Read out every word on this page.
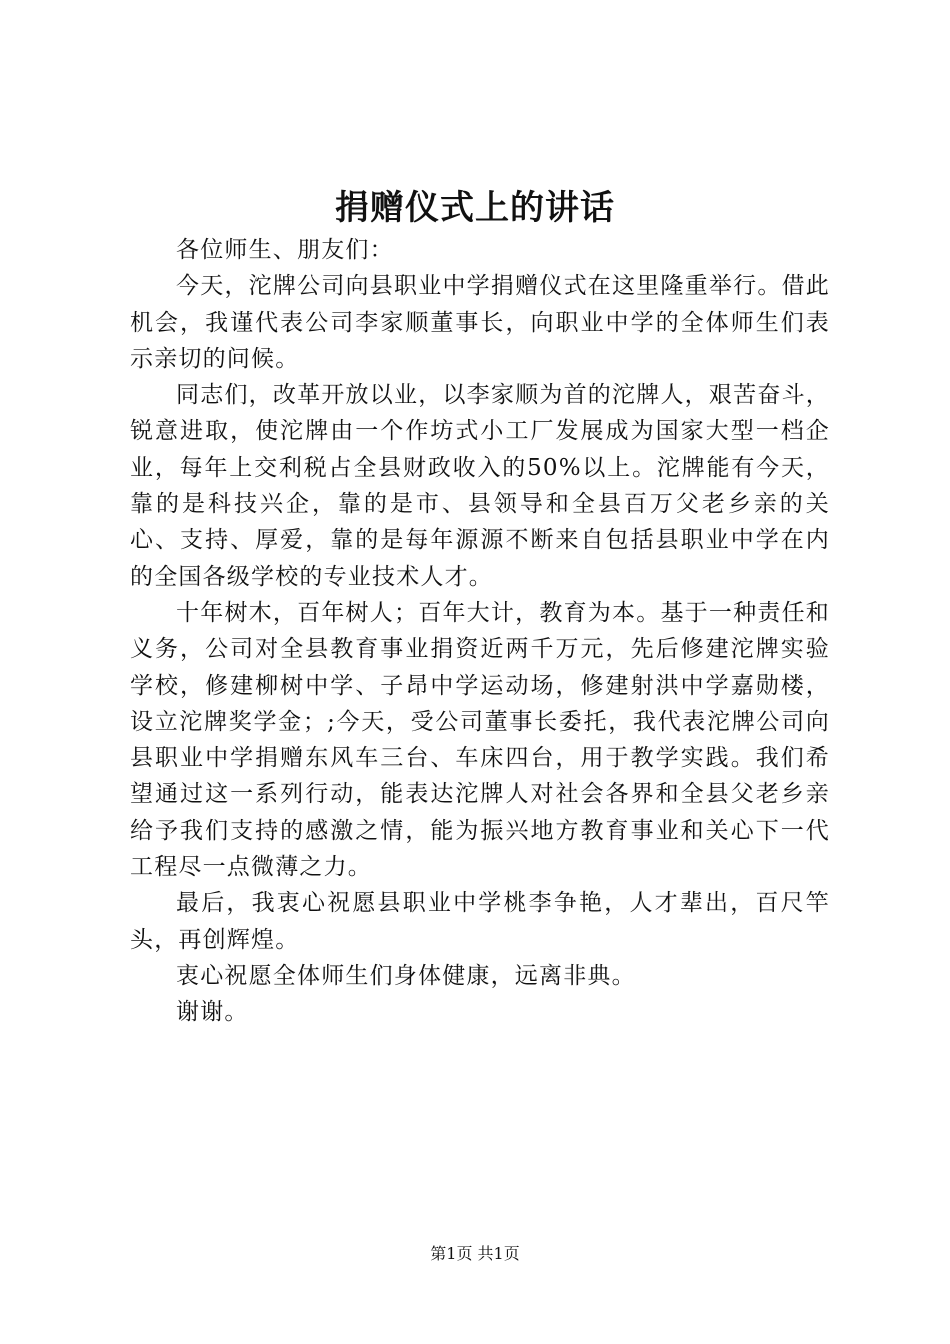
捐赠仪式上的讲话

各位师生、朋友们：

今天，沱牌公司向县职业中学捐赠仪式在这里隆重举行。借此机会，我谨代表公司李家顺董事长，向职业中学的全体师生们表示亲切的问候。

同志们，改革开放以业，以李家顺为首的沱牌人，艰苦奋斗，锐意进取，使沱牌由一个作坊式小工厂发展成为国家大型一档企业，每年上交利税占全县财政收入的50%以上。沱牌能有今天，靠的是科技兴企，靠的是市、县领导和全县百万父老乡亲的关心、支持、厚爱，靠的是每年源源不断来自包括县职业中学在内的全国各级学校的专业技术人才。

十年树木，百年树人；百年大计，教育为本。基于一种责任和义务，公司对全县教育事业捐资近两千万元，先后修建沱牌实验学校，修建柳树中学、子昂中学运动场，修建射洪中学嘉勋楼，设立沱牌奖学金；;今天，受公司董事长委托，我代表沱牌公司向县职业中学捐赠东风车三台、车床四台，用于教学实践。我们希望通过这一系列行动，能表达沱牌人对社会各界和全县父老乡亲给予我们支持的感激之情，能为振兴地方教育事业和关心下一代工程尽一点微薄之力。

最后，我衷心祝愿县职业中学桃李争艳，人才辈出，百尺竿头，再创辉煌。

衷心祝愿全体师生们身体健康，远离非典。

谢谢。

第1页 共1页
